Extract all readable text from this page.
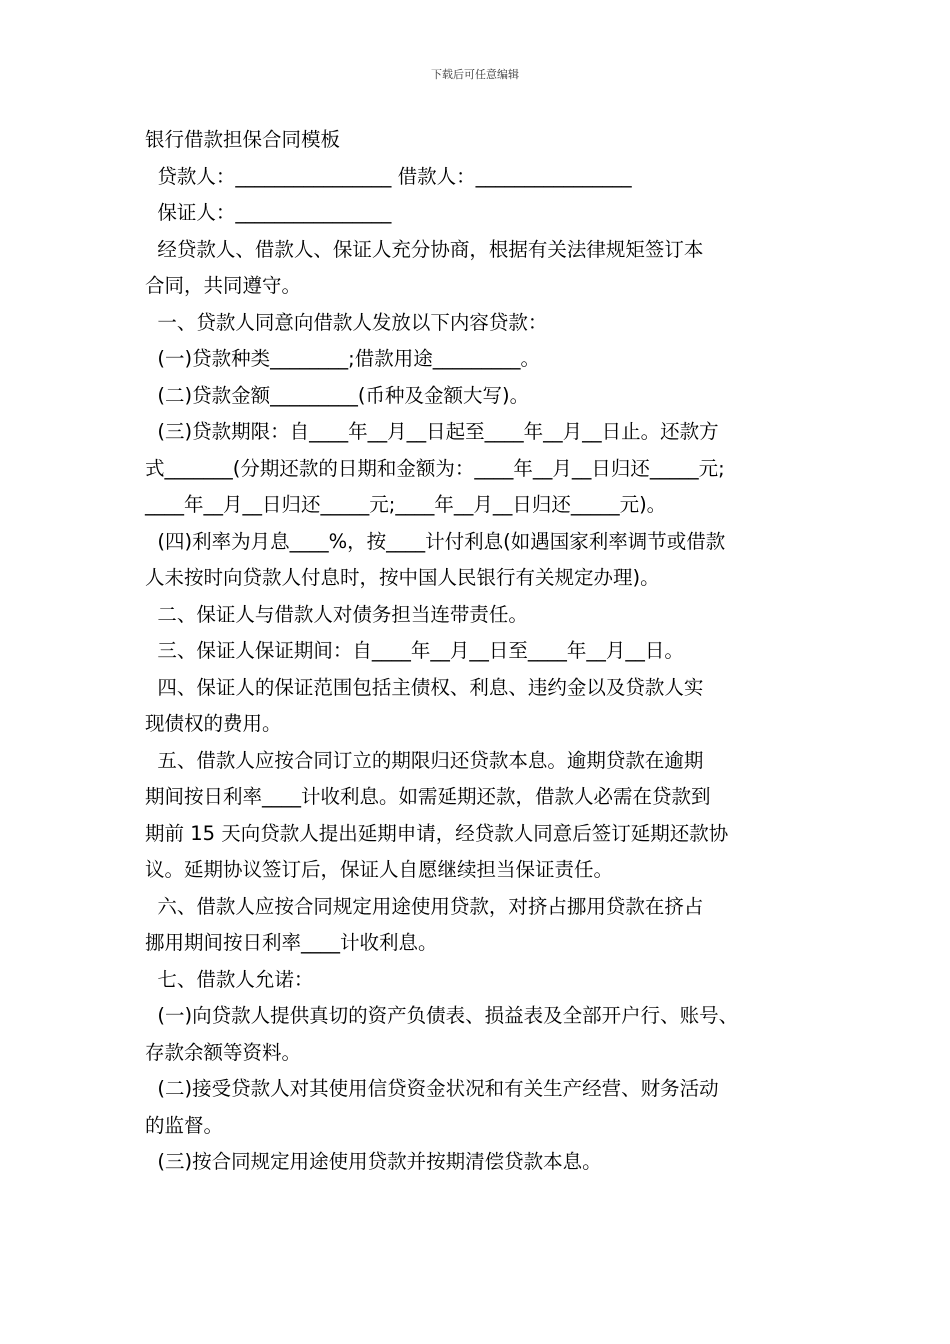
下载后可任意编辑

银行借款担保合同模板

贷款人：________________ 借款人：________________

保证人：________________

经贷款人、借款人、保证人充分协商，根据有关法律规矩签订本

合同，共同遵守。

一、贷款人同意向借款人发放以下内容贷款：

(一)贷款种类________;借款用途_________。

(二)贷款金额_________(币种及金额大写)。

(三)贷款期限：自____年__月__日起至____年__月__日止。还款方

式_______(分期还款的日期和金额为：____年__月__日归还_____元;

____年__月__日归还_____元;____年__月__日归还_____元)。

(四)利率为月息____%，按____计付利息(如遇国家利率调节或借款

人未按时向贷款人付息时，按中国人民银行有关规定办理)。

二、保证人与借款人对债务担当连带责任。

三、保证人保证期间：自____年__月__日至____年__月__日。

四、保证人的保证范围包括主债权、利息、违约金以及贷款人实

现债权的费用。

五、借款人应按合同订立的期限归还贷款本息。逾期贷款在逾期

期间按日利率____计收利息。如需延期还款，借款人必需在贷款到

期前 15 天向贷款人提出延期申请，经贷款人同意后签订延期还款协

议。延期协议签订后，保证人自愿继续担当保证责任。

六、借款人应按合同规定用途使用贷款，对挤占挪用贷款在挤占

挪用期间按日利率____计收利息。

七、借款人允诺：

(一)向贷款人提供真切的资产负债表、损益表及全部开户行、账号、

存款余额等资料。

(二)接受贷款人对其使用信贷资金状况和有关生产经营、财务活动

的监督。

(三)按合同规定用途使用贷款并按期清偿贷款本息。
